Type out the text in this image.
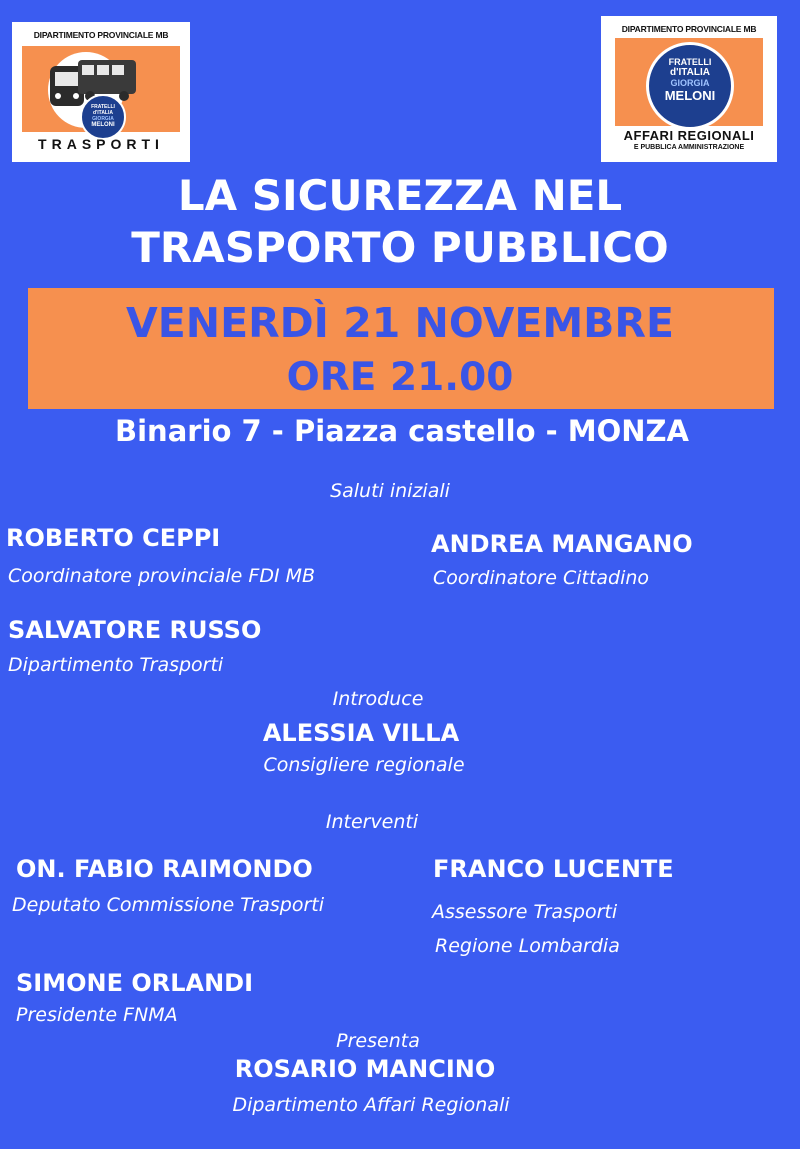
DIPARTIMENTO PROVINCIALE MB
FRATELLI
d'ITALIA
GIORGIA
MELONI
TRASPORTI
DIPARTIMENTO PROVINCIALE MB
FRATELLI
d'ITALIA
GIORGIA
MELONI
AFFARI REGIONALI
E PUBBLICA AMMINISTRAZIONE
LA SICUREZZA NEL
TRASPORTO PUBBLICO
VENERDÌ 21 NOVEMBRE
ORE 21.00
Binario 7 - Piazza castello - MONZA
Saluti iniziali
ROBERTO CEPPI
Coordinatore provinciale FDI MB
ANDREA MANGANO
Coordinatore Cittadino
SALVATORE RUSSO
Dipartimento Trasporti
Introduce
ALESSIA VILLA
Consigliere regionale
Interventi
ON. FABIO RAIMONDO
Deputato Commissione Trasporti
FRANCO LUCENTE
Assessore Trasporti
Regione Lombardia
SIMONE ORLANDI
Presidente FNMA
Presenta
ROSARIO MANCINO
Dipartimento Affari Regionali
